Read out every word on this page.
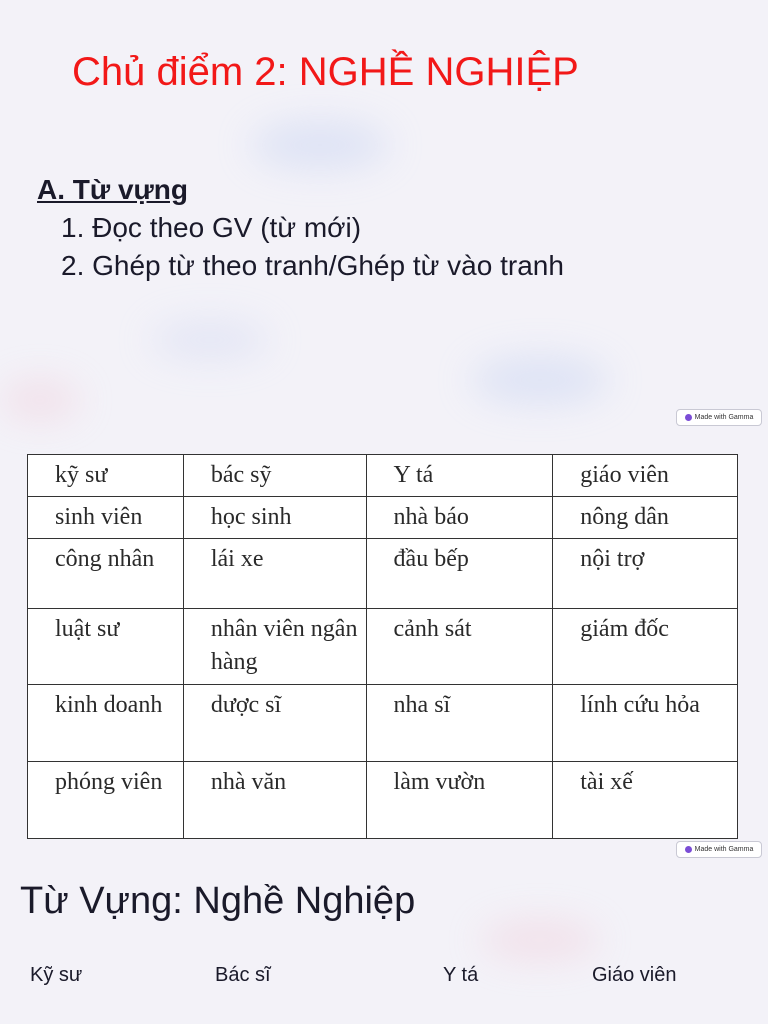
Chủ điểm 2: NGHỀ NGHIỆP
A. Từ vựng
1. Đọc theo GV (từ mới)
2. Ghép từ theo tranh/Ghép từ vào tranh
Made with Gamma
kỹ sư	bác sỹ	Y tá	giáo viên
sinh viên	học sinh	nhà báo	nông dân
công nhân	lái xe	đầu bếp	nội trợ
luật sư	nhân viên ngân hàng	cảnh sát	giám đốc
kinh doanh	dược sĩ	nha sĩ	lính cứu hỏa
phóng viên	nhà văn	làm vườn	tài xế
Made with Gamma
Từ Vựng: Nghề Nghiệp
Kỹ sư	Bác sĩ	Y tá	Giáo viên
